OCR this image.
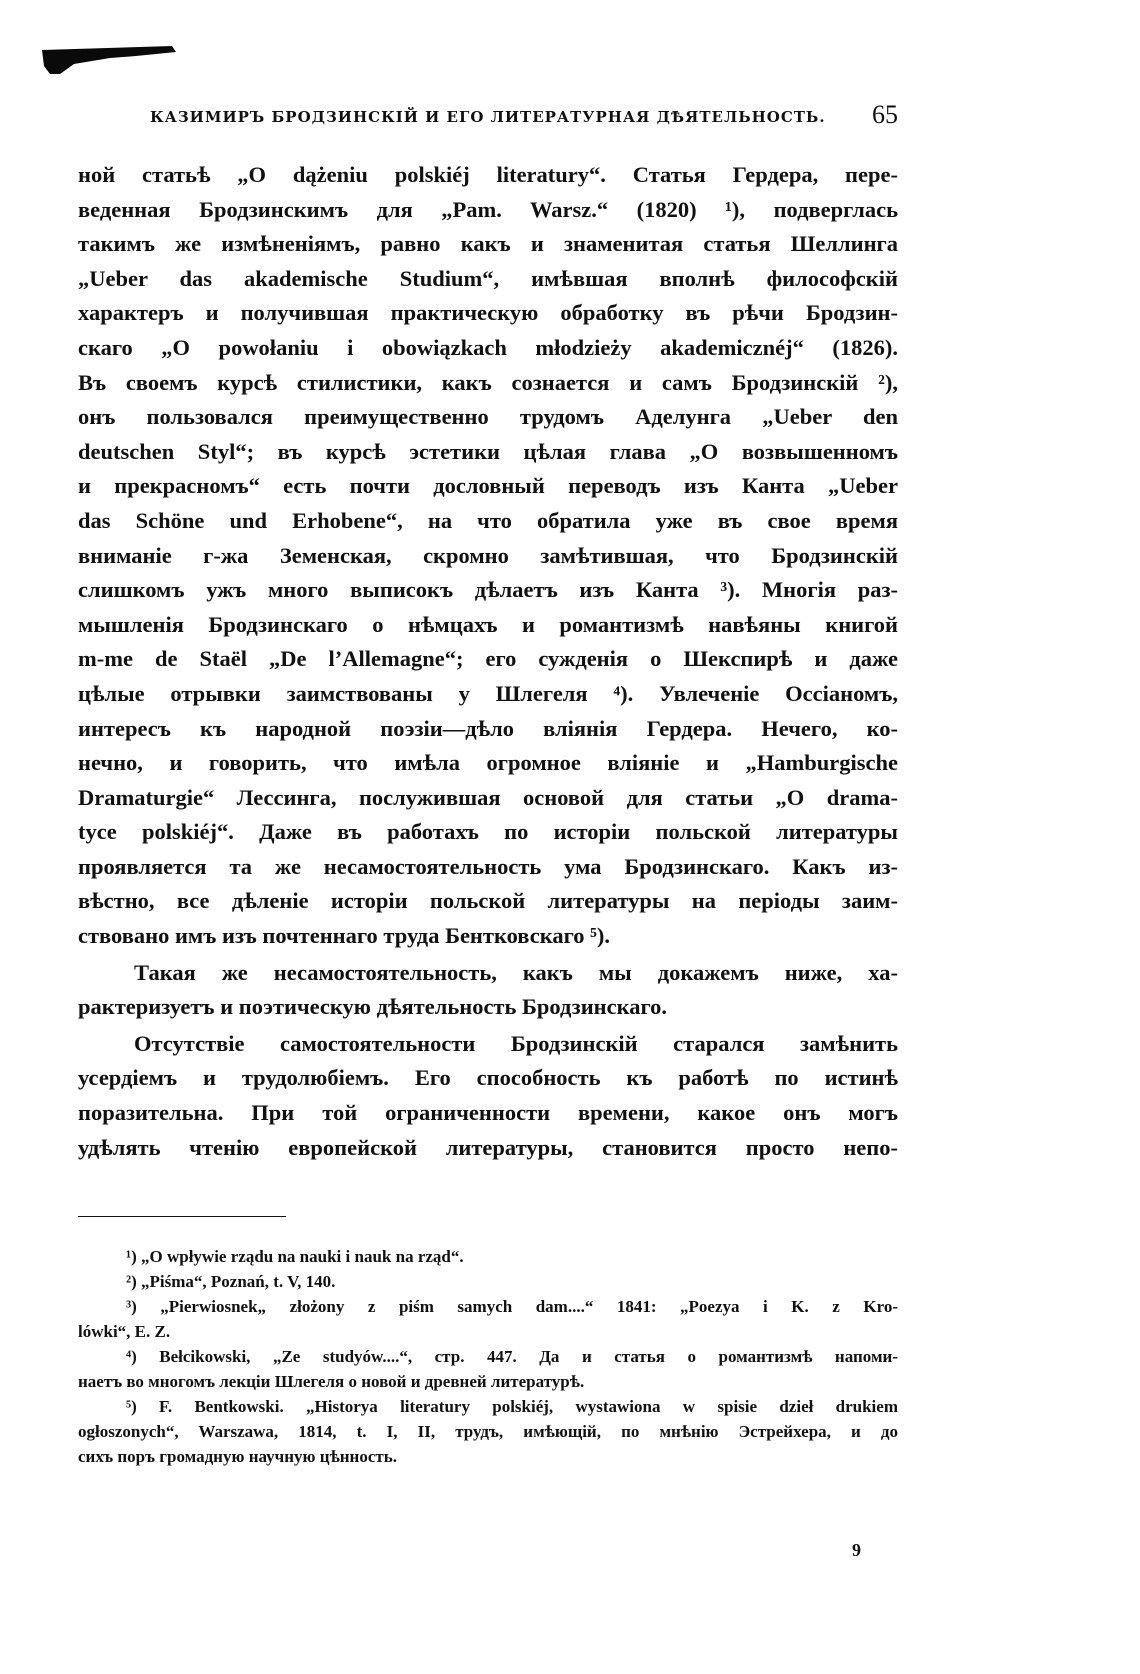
КАЗИМИРЪ БРОДЗИНСКІЙ И ЕГО ЛИТЕРАТУРНАЯ ДѢЯТЕЛЬНОСТЬ. 65

ной статьѣ „O dążeniu polskiéj literatury“. Статья Гердера, пере-
веденная Бродзинскимъ для „Pam. Warsz.“ (1820) ¹), подверглась
такимъ же измѣненіямъ, равно какъ и знаменитая статья Шеллинга
„Ueber das akademische Studium“, имѣвшая вполнѣ философскій
характеръ и получившая практическую обработку въ рѣчи Бродзин-
скаго „O powołaniu i obowiązkach młodzieży akademicznéj“ (1826).
Въ своемъ курсѣ стилистики, какъ сознается и самъ Бродзинскій ²),
онъ пользовался преимущественно трудомъ Аделунга „Ueber den
deutschen Styl“; въ курсѣ эстетики цѣлая глава „О возвышенномъ
и прекрасномъ“ есть почти дословный переводъ изъ Канта „Ueber
das Schöne und Erhobene“, на что обратила уже въ свое время
вниманіе г-жа Земенская, скромно замѣтившая, что Бродзинскій
слишкомъ ужъ много выписокъ дѣлаетъ изъ Канта ³). Многія раз-
мышленія Бродзинскаго о нѣмцахъ и романтизмѣ навѣяны книгой
m-me de Staël „De l’Allemagne“; его сужденія о Шекспирѣ и даже
цѣлые отрывки заимствованы у Шлегеля ⁴). Увлеченіе Оссіаномъ,
интересъ къ народной поэзіи—дѣло вліянія Гердера. Нечего, ко-
нечно, и говорить, что имѣла огромное вліяніе и „Hamburgische
Dramaturgie“ Лессинга, послужившая основой для статьи „O drama-
tyce polskiéj“. Даже въ работахъ по исторіи польской литературы
проявляется та же несамостоятельность ума Бродзинскаго. Какъ из-
вѣстно, все дѣленіе исторіи польской литературы на періоды заим-
ствовано имъ изъ почтеннаго труда Бентковскаго ⁵).

Такая же несамостоятельность, какъ мы докажемъ ниже, ха-
рактеризуетъ и поэтическую дѣятельность Бродзинскаго.

Отсутствіе самостоятельности Бродзинскій старался замѣнить
усердіемъ и трудолюбіемъ. Его способность къ работѣ по истинѣ
поразительна. При той ограниченности времени, какое онъ могъ
удѣлять чтенію европейской литературы, становится просто непо-

¹) „O wpływie rządu na nauki i nauk na rząd“.

²) „Piśma“, Poznań, t. V, 140.

³) „Pierwiosnek„ złożony z piśm samych dam....“ 1841: „Poezya i K. z Kro-
lówki“, E. Z.

⁴) Bełcikowski, „Ze studyów....“, стр. 447. Да и статья о романтизмѣ напоми-
наетъ во многомъ лекціи Шлегеля о новой и древней литературѣ.

⁵) F. Bentkowski. „Historya literatury polskiéj, wystawiona w spisie dzieł drukiem
ogłoszonych“, Warszawa, 1814, t. I, II, трудъ, имѣющій, по мнѣнію Эстрейхера, и до
сихъ поръ громадную научную цѣнность.

9
